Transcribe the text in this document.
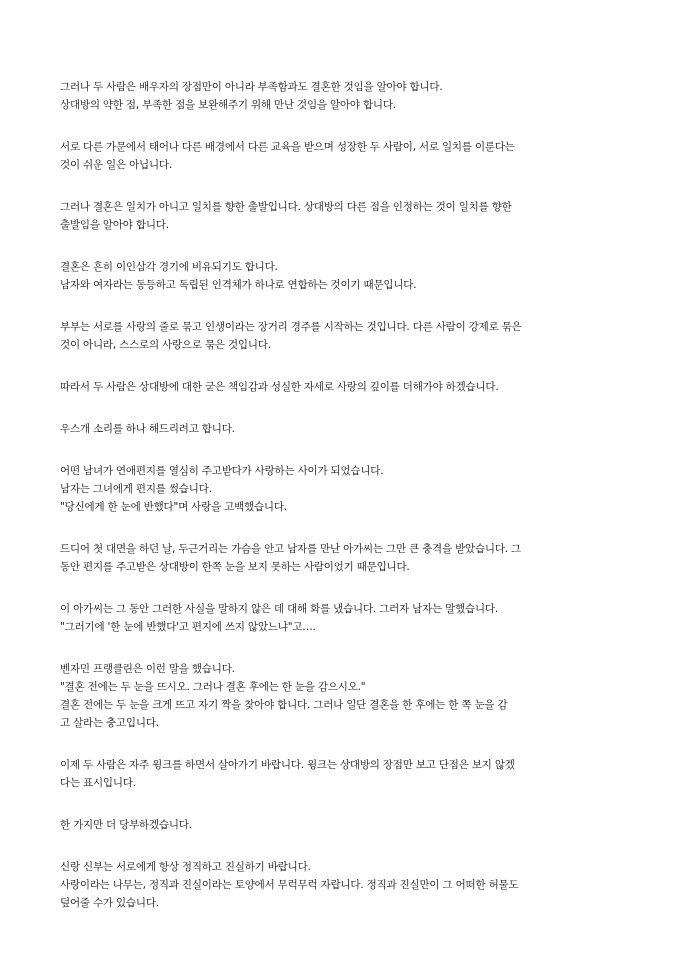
그러나 두 사람은 배우자의 장점만이 아니라 부족함과도 결혼한 것임을 알아야 합니다.
상대방의 약한 점, 부족한 점을 보완해주기 위해 만난 것임을 알아야 합니다.
서로 다른 가문에서 태어나 다른 배경에서 다른 교육을 받으며 성장한 두 사람이, 서로 일치를 이룬다는
것이 쉬운 일은 아닙니다.
그러나 결혼은 일치가 아니고 일치를 향한 출발입니다. 상대방의 다른 점을 인정하는 것이 일치를 향한
출발임을 알아야 합니다.
결혼은 흔히 이인삼각 경기에 비유되기도 합니다.
남자와 여자라는 동등하고 독립된 인격체가 하나로 연합하는 것이기 때문입니다.
부부는 서로를 사랑의 줄로 묶고 인생이라는 장거리 경주를 시작하는 것입니다. 다른 사람이 강제로 묶은
것이 아니라, 스스로의 사랑으로 묶은 것입니다.
따라서 두 사람은 상대방에 대한 굳은 책임감과 성실한 자세로 사랑의 깊이를 더해가야 하겠습니다.
우스개 소리를 하나 해드리려고 합니다.
어떤 남녀가 연애편지를 열심히 주고받다가 사랑하는 사이가 되었습니다.
남자는 그녀에게 편지를 썼습니다.
"당신에게 한 눈에 반했다"며 사랑을 고백했습니다.
드디어 첫 대면을 하던 날, 두근거리는 가슴을 안고 남자를 만난 아가씨는 그만 큰 충격을 받았습니다. 그
동안 편지를 주고받은 상대방이 한쪽 눈을 보지 못하는 사람이었기 때문입니다.
이 아가씨는 그 동안 그러한 사실을 말하지 않은 데 대해 화를 냈습니다. 그러자 남자는 말했습니다.
"그러기에 '한 눈에 반했다'고 편지에 쓰지 않았느냐"고….
벤자민 프랭클린은 이런 말을 했습니다.
"결혼 전에는 두 눈을 뜨시오. 그러나 결혼 후에는 한 눈을 감으시오."
결혼 전에는 두 눈을 크게 뜨고 자기 짝을 찾아야 합니다. 그러나 일단 결혼을 한 후에는 한 쪽 눈을 감
고 살라는 충고입니다.
이제 두 사람은 자주 윙크를 하면서 살아가기 바랍니다. 윙크는 상대방의 장점만 보고 단점은 보지 않겠
다는 표시입니다.
한 가지만 더 당부하겠습니다.
신랑 신부는 서로에게 항상 정직하고 진실하기 바랍니다.
사랑이라는 나무는, 정직과 진실이라는 토양에서 무럭무럭 자랍니다. 정직과 진실만이 그 어떠한 허물도
덮어줄 수가 있습니다.
